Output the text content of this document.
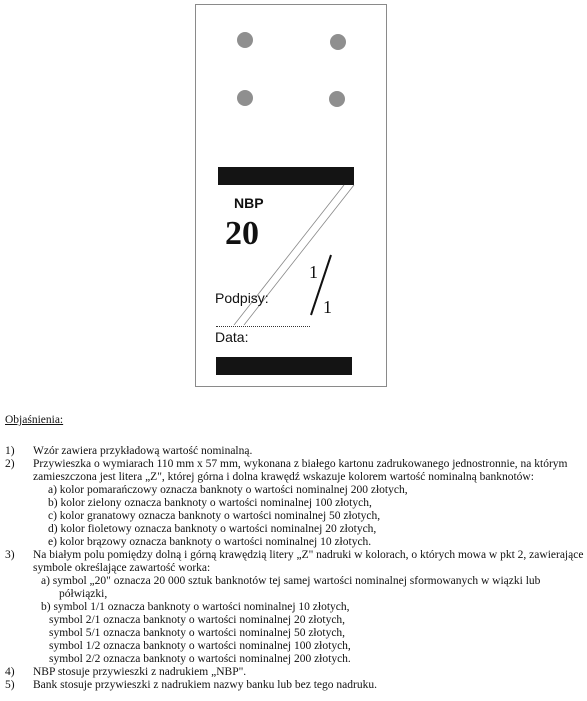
NBP
20
1
1
Podpisy:
Data:
Objaśnienia:
1)	Wzór zawiera przykładową wartość nominalną.
2)	Przywieszka o wymiarach 110 mm x 57 mm, wykonana z białego kartonu zadrukowanego jednostronnie, na którym
zamieszczona jest litera „Z", której górna i dolna krawędź wskazuje kolorem wartość nominalną banknotów:
a) kolor pomarańczowy oznacza banknoty o wartości nominalnej 200 złotych,
b) kolor zielony oznacza banknoty o wartości nominalnej 100 złotych,
c) kolor granatowy oznacza banknoty o wartości nominalnej 50 złotych,
d) kolor fioletowy oznacza banknoty o wartości nominalnej 20 złotych,
e) kolor brązowy oznacza banknoty o wartości nominalnej 10 złotych.
3)	Na białym polu pomiędzy dolną i górną krawędzią litery „Z" nadruki w kolorach, o których mowa w pkt 2, zawierające
symbole określające zawartość worka:
a) symbol „20" oznacza 20 000 sztuk banknotów tej samej wartości nominalnej sformowanych w wiązki lub
półwiązki,
b) symbol 1/1 oznacza banknoty o wartości nominalnej 10 złotych,
symbol 2/1 oznacza banknoty o wartości nominalnej 20 złotych,
symbol 5/1 oznacza banknoty o wartości nominalnej 50 złotych,
symbol 1/2 oznacza banknoty o wartości nominalnej 100 złotych,
symbol 2/2 oznacza banknoty o wartości nominalnej 200 złotych.
4)	NBP stosuje przywieszki z nadrukiem „NBP".
5)	Bank stosuje przywieszki z nadrukiem nazwy banku lub bez tego nadruku.
